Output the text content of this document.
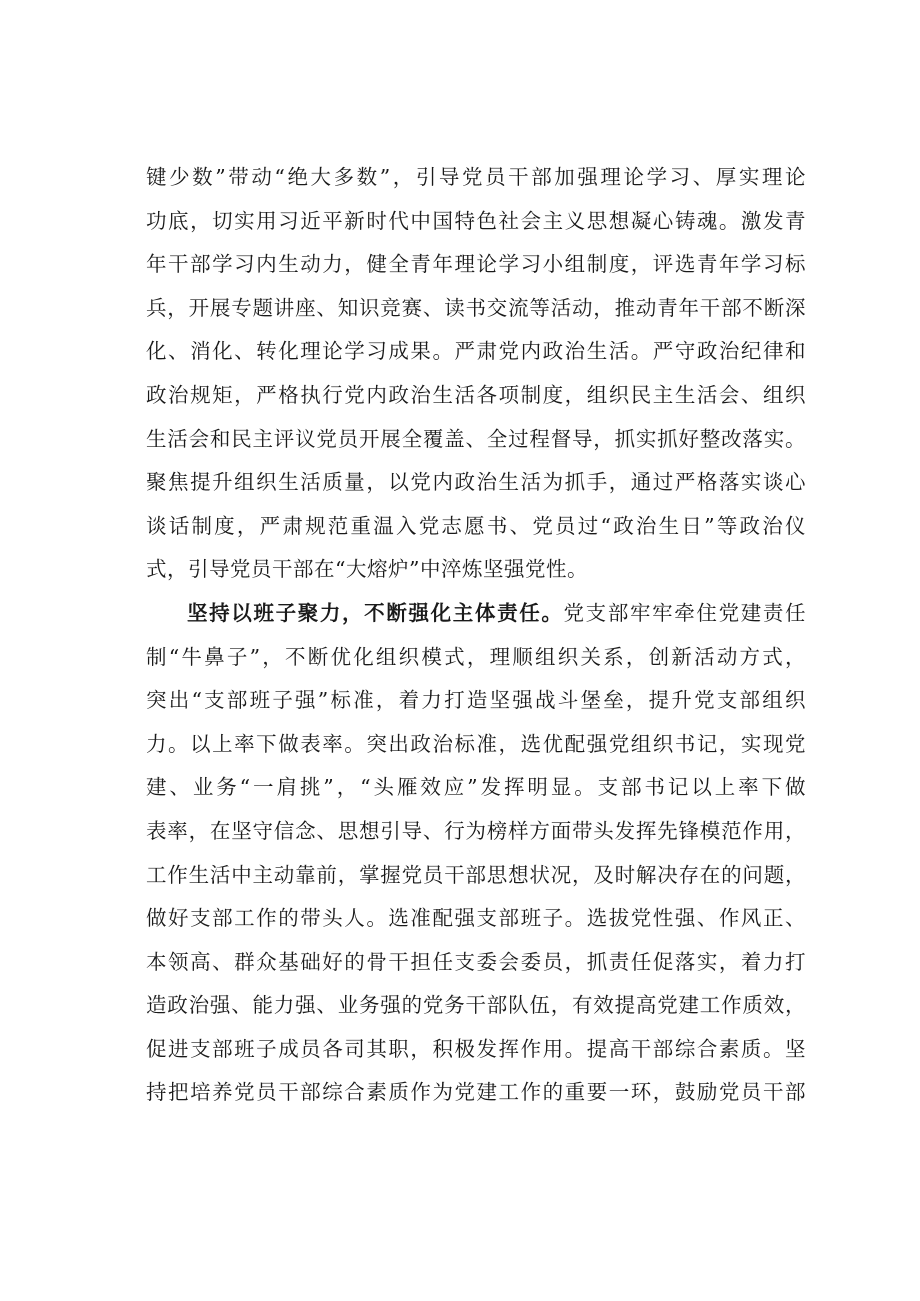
键少数”带动“绝大多数”，引导党员干部加强理论学习、厚实理论
功底，切实用习近平新时代中国特色社会主义思想凝心铸魂。激发青
年干部学习内生动力，健全青年理论学习小组制度，评选青年学习标
兵，开展专题讲座、知识竞赛、读书交流等活动，推动青年干部不断深
化、消化、转化理论学习成果。严肃党内政治生活。严守政治纪律和
政治规矩，严格执行党内政治生活各项制度，组织民主生活会、组织
生活会和民主评议党员开展全覆盖、全过程督导，抓实抓好整改落实。
聚焦提升组织生活质量，以党内政治生活为抓手，通过严格落实谈心
谈话制度，严肃规范重温入党志愿书、党员过“政治生日”等政治仪
式，引导党员干部在“大熔炉”中淬炼坚强党性。
坚持以班子聚力，不断强化主体责任。党支部牢牢牵住党建责任
制“牛鼻子”，不断优化组织模式，理顺组织关系，创新活动方式，
突出“支部班子强”标准，着力打造坚强战斗堡垒，提升党支部组织
力。以上率下做表率。突出政治标准，选优配强党组织书记，实现党
建、业务“一肩挑”，“头雁效应”发挥明显。支部书记以上率下做
表率，在坚守信念、思想引导、行为榜样方面带头发挥先锋模范作用，
工作生活中主动靠前，掌握党员干部思想状况，及时解决存在的问题，
做好支部工作的带头人。选准配强支部班子。选拔党性强、作风正、
本领高、群众基础好的骨干担任支委会委员，抓责任促落实，着力打
造政治强、能力强、业务强的党务干部队伍，有效提高党建工作质效，
促进支部班子成员各司其职，积极发挥作用。提高干部综合素质。坚
持把培养党员干部综合素质作为党建工作的重要一环，鼓励党员干部
